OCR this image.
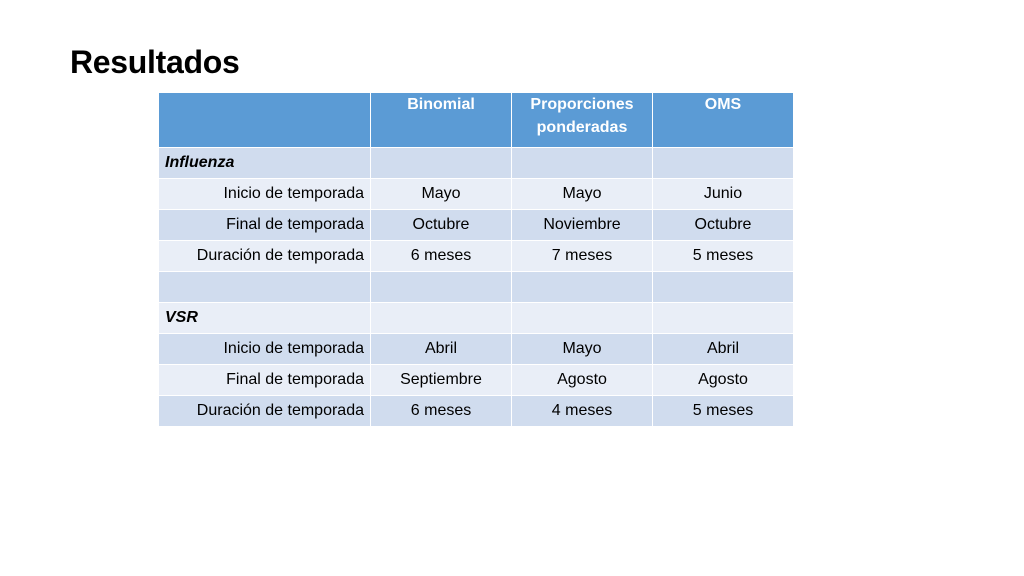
Resultados
	Binomial	Proporciones ponderadas	OMS
Influenza			
Inicio de temporada	Mayo	Mayo	Junio
Final de temporada	Octubre	Noviembre	Octubre
Duración de temporada	6 meses	7 meses	5 meses

VSR			
Inicio de temporada	Abril	Mayo	Abril
Final de temporada	Septiembre	Agosto	Agosto
Duración de temporada	6 meses	4 meses	5 meses
